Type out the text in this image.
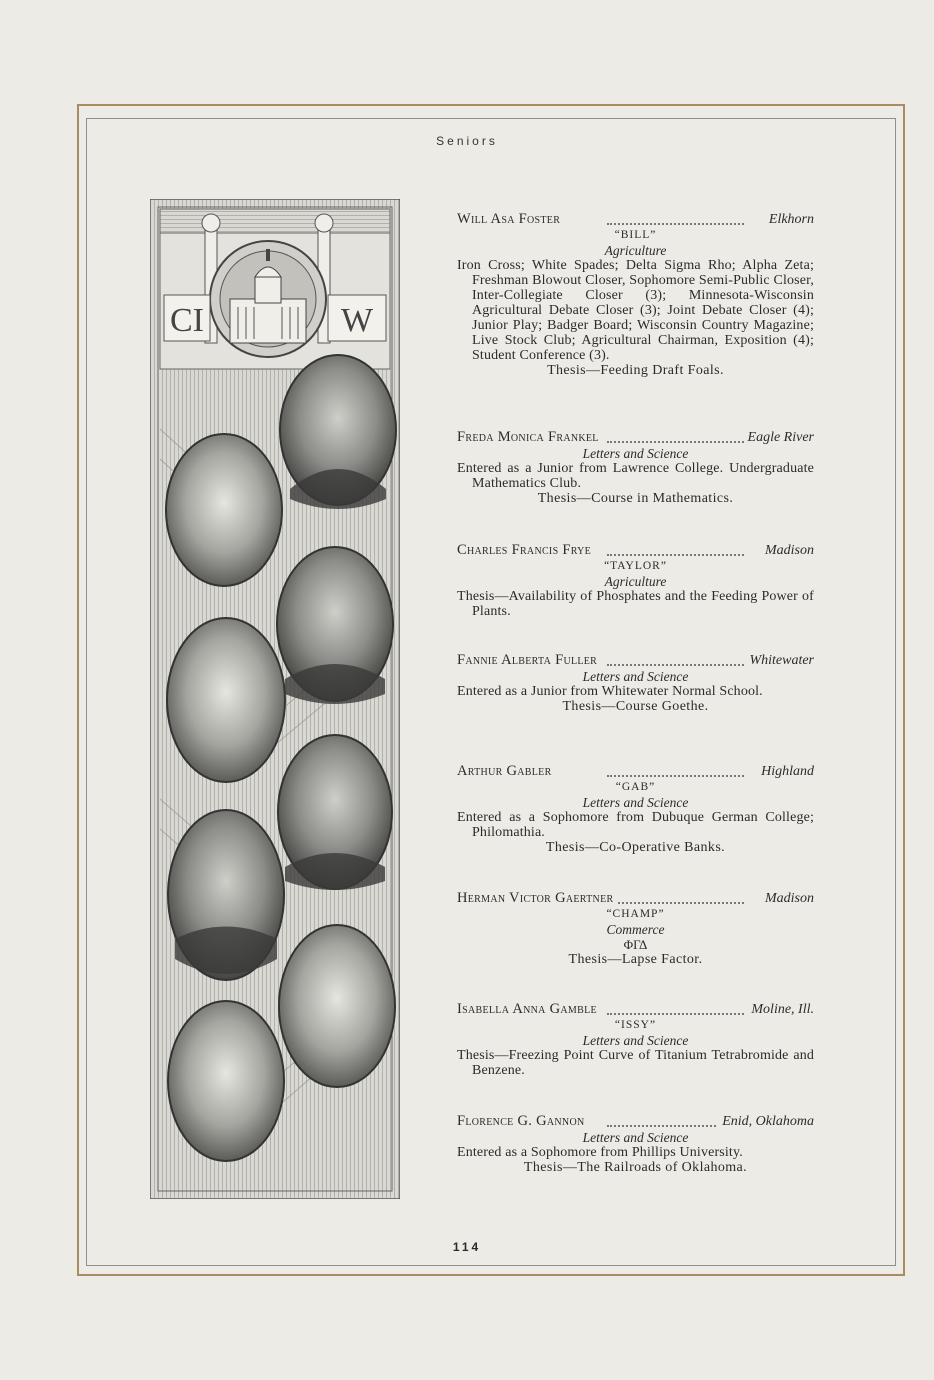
Seniors
CI	W
Will Asa Foster	Elkhorn
“BILL”
Agriculture
Iron Cross; White Spades; Delta Sigma Rho; Alpha Zeta; Freshman Blowout Closer, Sophomore Semi-Public Closer, Inter-Collegiate Closer (3); Minnesota-Wisconsin Agricultural Debate Closer (3); Joint Debate Closer (4); Junior Play; Badger Board; Wisconsin Country Magazine; Live Stock Club; Agricultural Chairman, Exposition (4); Student Conference (3).
Thesis—Feeding Draft Foals.
Freda Monica Frankel	Eagle River
Letters and Science
Entered as a Junior from Lawrence College. Undergraduate Mathematics Club.
Thesis—Course in Mathematics.
Charles Francis Frye	Madison
“TAYLOR”
Agriculture
Thesis—Availability of Phosphates and the Feeding Power of Plants.
Fannie Alberta Fuller	Whitewater
Letters and Science
Entered as a Junior from Whitewater Normal School.
Thesis—Course Goethe.
Arthur Gabler	Highland
“GAB”
Letters and Science
Entered as a Sophomore from Dubuque German College; Philomathia.
Thesis—Co-Operative Banks.
Herman Victor Gaertner	Madison
“CHAMP”
Commerce
ΦΓΔ
Thesis—Lapse Factor.
Isabella Anna Gamble	Moline, Ill.
“ISSY”
Letters and Science
Thesis—Freezing Point Curve of Titanium Tetrabromide and Benzene.
Florence G. Gannon	Enid, Oklahoma
Letters and Science
Entered as a Sophomore from Phillips University.
Thesis—The Railroads of Oklahoma.
114
